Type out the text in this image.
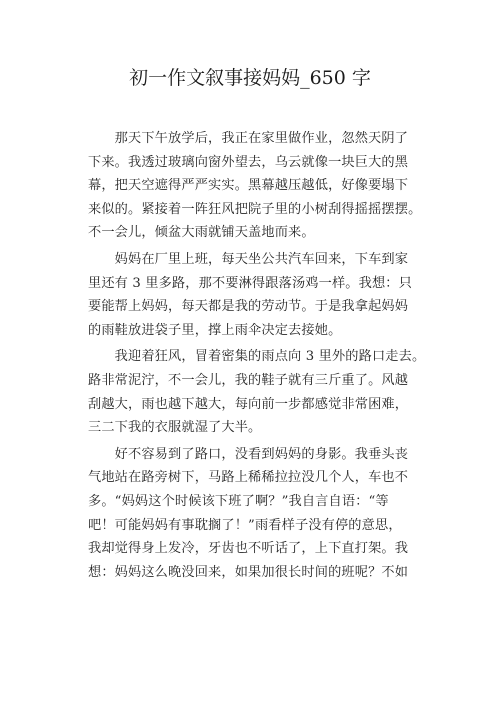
初一作文叙事接妈妈_650 字
　　那天下午放学后，我正在家里做作业，忽然天阴了
下来。我透过玻璃向窗外望去，乌云就像一块巨大的黑
幕，把天空遮得严严实实。黑幕越压越低，好像要塌下
来似的。紧接着一阵狂风把院子里的小树刮得摇摇摆摆。
不一会儿，倾盆大雨就铺天盖地而来。
　　妈妈在厂里上班，每天坐公共汽车回来，下车到家
里还有 3 里多路，那不要淋得跟落汤鸡一样。我想：只
要能帮上妈妈，每天都是我的劳动节。于是我拿起妈妈
的雨鞋放进袋子里，撑上雨伞决定去接她。
　　我迎着狂风，冒着密集的雨点向 3 里外的路口走去。
路非常泥泞，不一会儿，我的鞋子就有三斤重了。风越
刮越大，雨也越下越大，每向前一步都感觉非常困难，
三二下我的衣服就湿了大半。
　　好不容易到了路口，没看到妈妈的身影。我垂头丧
气地站在路旁树下，马路上稀稀拉拉没几个人，车也不
多。“妈妈这个时候该下班了啊？”我自言自语：“等
吧！可能妈妈有事耽搁了！”雨看样子没有停的意思，
我却觉得身上发冷，牙齿也不听话了，上下直打架。我
想：妈妈这么晚没回来，如果加很长时间的班呢？不如
